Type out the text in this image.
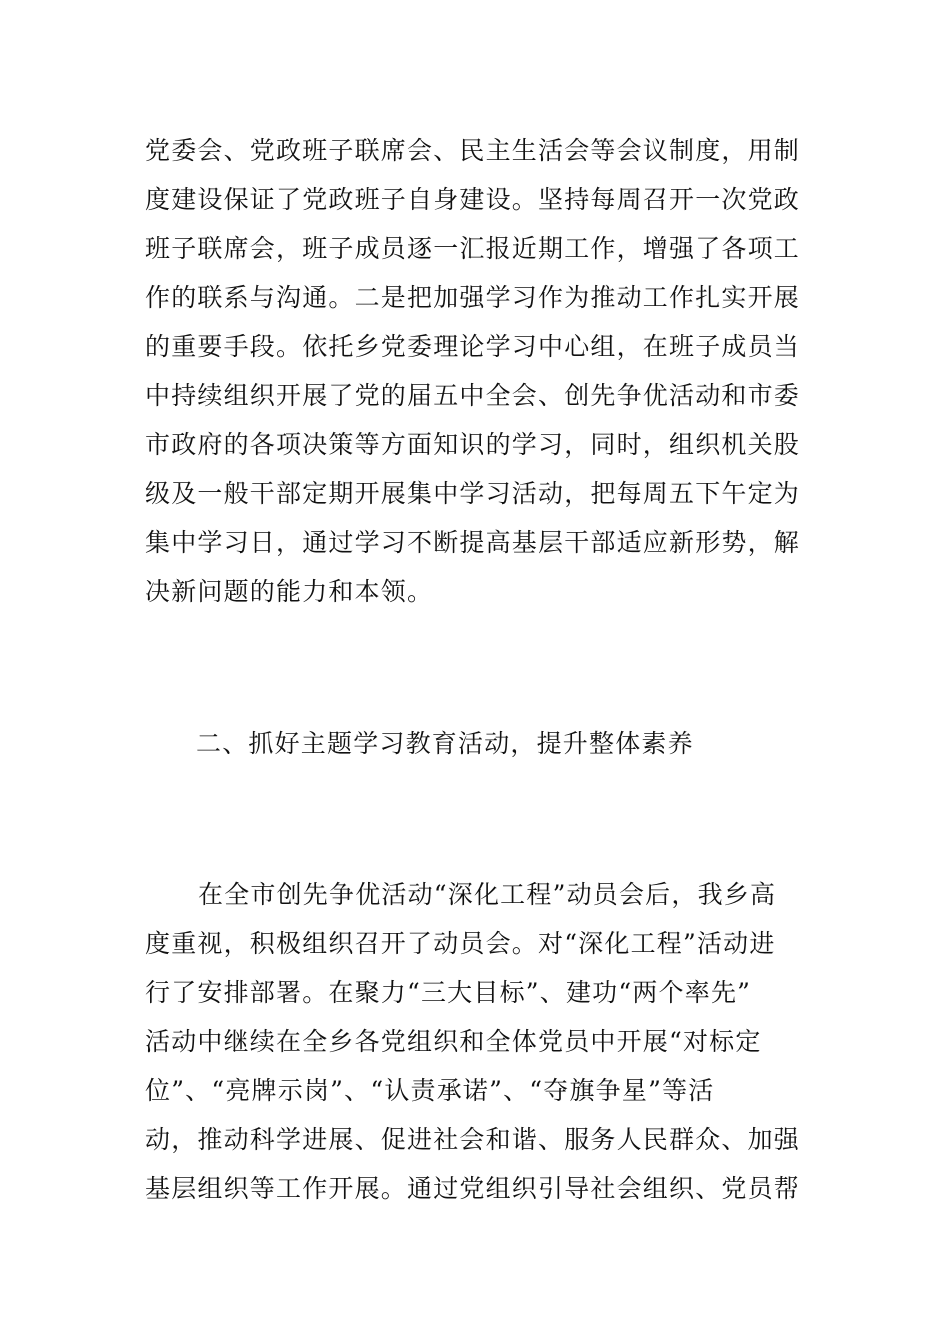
党委会、党政班子联席会、民主生活会等会议制度，用制
度建设保证了党政班子自身建设。坚持每周召开一次党政
班子联席会，班子成员逐一汇报近期工作，增强了各项工
作的联系与沟通。二是把加强学习作为推动工作扎实开展
的重要手段。依托乡党委理论学习中心组，在班子成员当
中持续组织开展了党的届五中全会、创先争优活动和市委
市政府的各项决策等方面知识的学习，同时，组织机关股
级及一般干部定期开展集中学习活动，把每周五下午定为
集中学习日，通过学习不断提高基层干部适应新形势，解
决新问题的能力和本领。
二、抓好主题学习教育活动，提升整体素养
在全市创先争优活动“深化工程”动员会后，我乡高
度重视，积极组织召开了动员会。对“深化工程”活动进
行了安排部署。在聚力“三大目标”、建功“两个率先”
活动中继续在全乡各党组织和全体党员中开展“对标定
位”、“亮牌示岗”、“认责承诺”、“夺旗争星”等活
动，推动科学进展、促进社会和谐、服务人民群众、加强
基层组织等工作开展。通过党组织引导社会组织、党员帮
